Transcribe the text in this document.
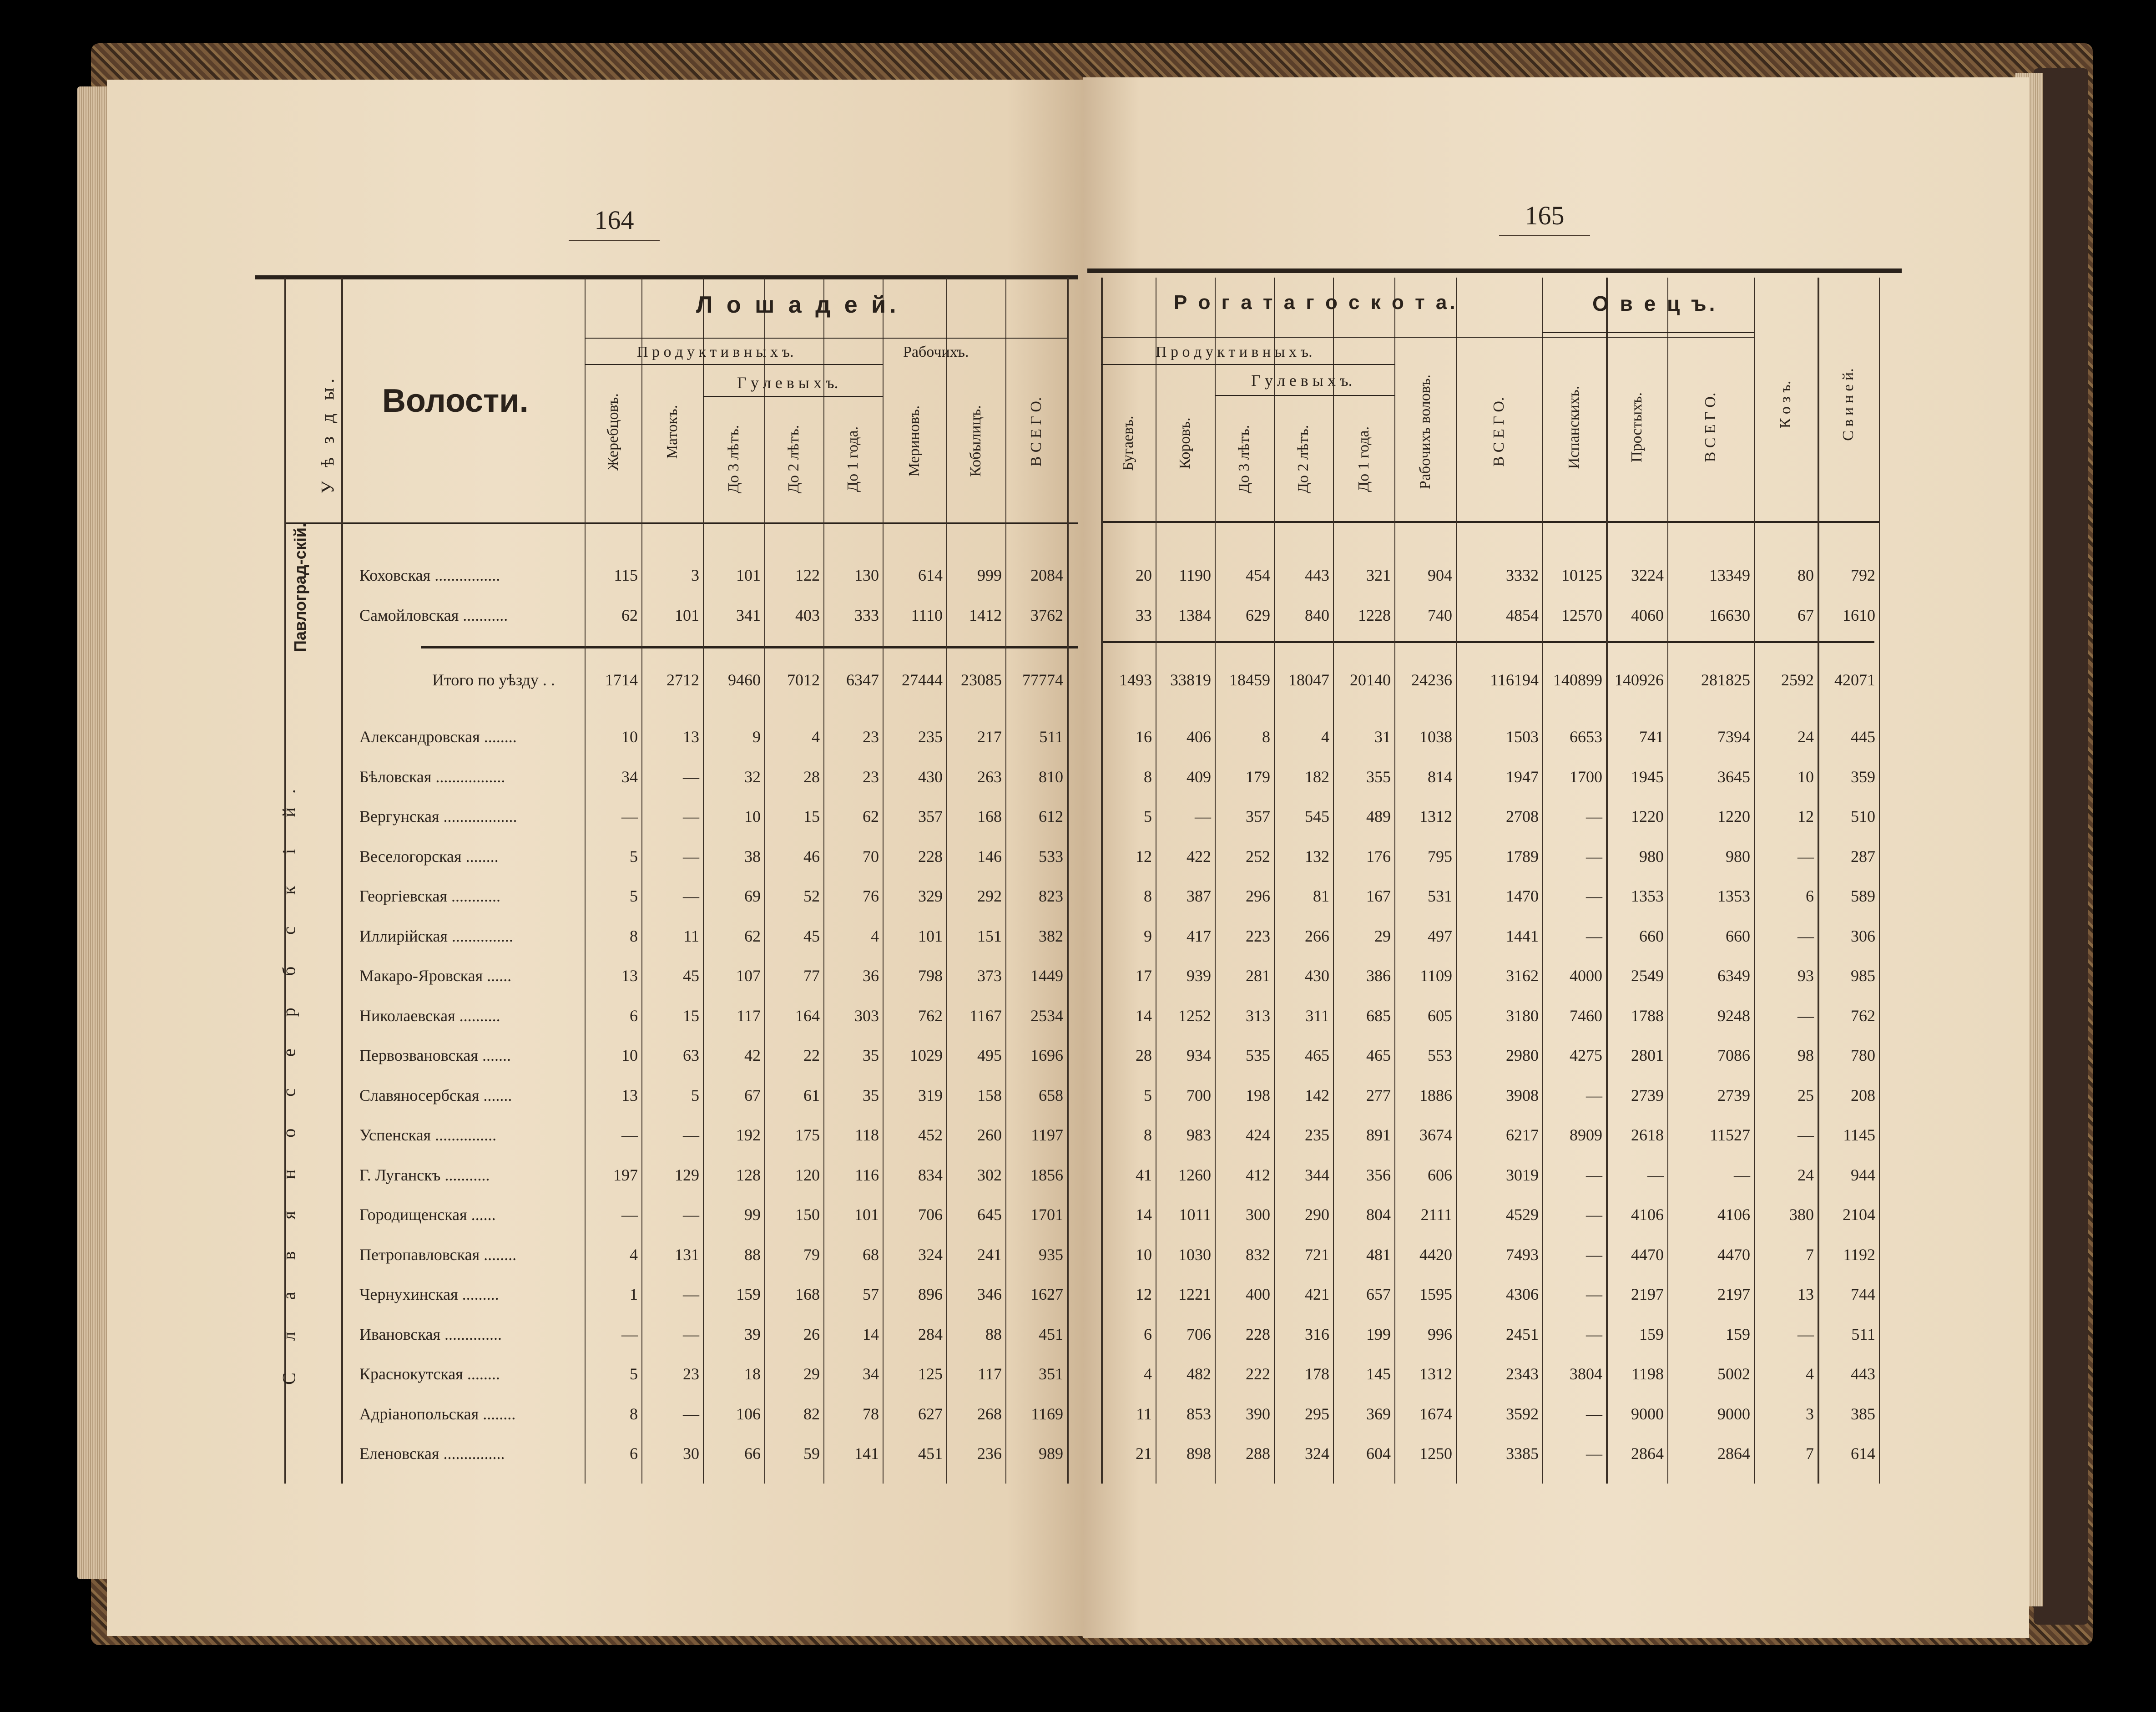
164	165
Л о ш а д е й.	Р о г а т а г о с к о т а.	О в е ц ъ.
Волости.
У ѣ з д ы.
П р о д у к т и в н ы х ъ.	Рабочихъ.
Г у л е в ы х ъ.
П р о д у к т и в н ы х ъ.
Г у л е в ы х ъ.
Жеребцовъ.	Матокъ.	До 3 лѣтъ.	До 2 лѣтъ.	До 1 года.	Мериновъ.	Кобылицъ.	В С Е Г О.	Бугаевъ.	Коровъ.	До 3 лѣтъ.	До 2 лѣтъ.	До 1 года.	Рабочихъ воловъ.	В С Е Г О.	Испанскихъ.	Простыхъ.	В С Е Г О.	К о з ъ.	С в и н е й.
Павлоград-скій.
С л а в я н о с е р б с к і й.
Коховская ................	115	3	101	122	130	614	999	2084	20	1190	454	443	321	904	3332	10125	3224	13349	80	792
Самойловская ...........	62	101	341	403	333	1110	1412	3762	33	1384	629	840	1228	740	4854	12570	4060	16630	67	1610
Итого по уѣзду . .	1714	2712	9460	7012	6347	27444	23085	77774	1493	33819	18459	18047	20140	24236	116194 140899 140926	281825	2592	42071
Александровская ........	10	13	9	4	23	235	217	511	16	406	8	4	31	1038	1503	6653	741	7394	24	445
Бѣловская .................	34	—	32	28	23	430	263	810	8	409	179	182	355	814	1947	1700	1945	3645	10	359
Вергунская ..................	—	—	10	15	62	357	168	612	5	—	357	545	489	1312	2708	—	1220	1220	12	510
Веселогорская ........	5	—	38	46	70	228	146	533	12	422	252	132	176	795	1789	—	980	980	—	287
Георгіевская ............	5	—	69	52	76	329	292	823	8	387	296	81	167	531	1470	—	1353	1353	6	589
Иллирійская ...............	8	11	62	45	4	101	151	382	9	417	223	266	29	497	1441	—	660	660	—	306
Макаро-Яровская ......	13	45	107	77	36	798	373	1449	17	939	281	430	386	1109	3162	4000	2549	6349	93	985
Николаевская ..........	6	15	117	164	303	762	1167	2534	14	1252	313	311	685	605	3180	7460	1788	9248	—	762
Первозвановская .......	10	63	42	22	35	1029	495	1696	28	934	535	465	465	553	2980	4275	2801	7086	98	780
Славяносербская .......	13	5	67	61	35	319	158	658	5	700	198	142	277	1886	3908	—	2739	2739	25	208
Успенская ...............	—	—	192	175	118	452	260	1197	8	983	424	235	891	3674	6217	8909	2618	11527	—	1145
Г. Луганскъ ...........	197	129	128	120	116	834	302	1856	41	1260	412	344	356	606	3019	—	—	—	24	944
Городищенская ......	—	—	99	150	101	706	645	1701	14	1011	300	290	804	2111	4529	—	4106	4106	380	2104
Петропавловская ........	4	131	88	79	68	324	241	935	10	1030	832	721	481	4420	7493	—	4470	4470	7	1192
Чернухинская .........	1	—	159	168	57	896	346	1627	12	1221	400	421	657	1595	4306	—	2197	2197	13	744
Ивановская ..............	—	—	39	26	14	284	88	451	6	706	228	316	199	996	2451	—	159	159	—	511
Краснокутская ........	5	23	18	29	34	125	117	351	4	482	222	178	145	1312	2343	3804	1198	5002	4	443
Адріанопольская ........	8	—	106	82	78	627	268	1169	11	853	390	295	369	1674	3592	—	9000	9000	3	385
Еленовская ...............	6	30	66	59	141	451	236	989	21	898	288	324	604	1250	3385	—	2864	2864	7	614
